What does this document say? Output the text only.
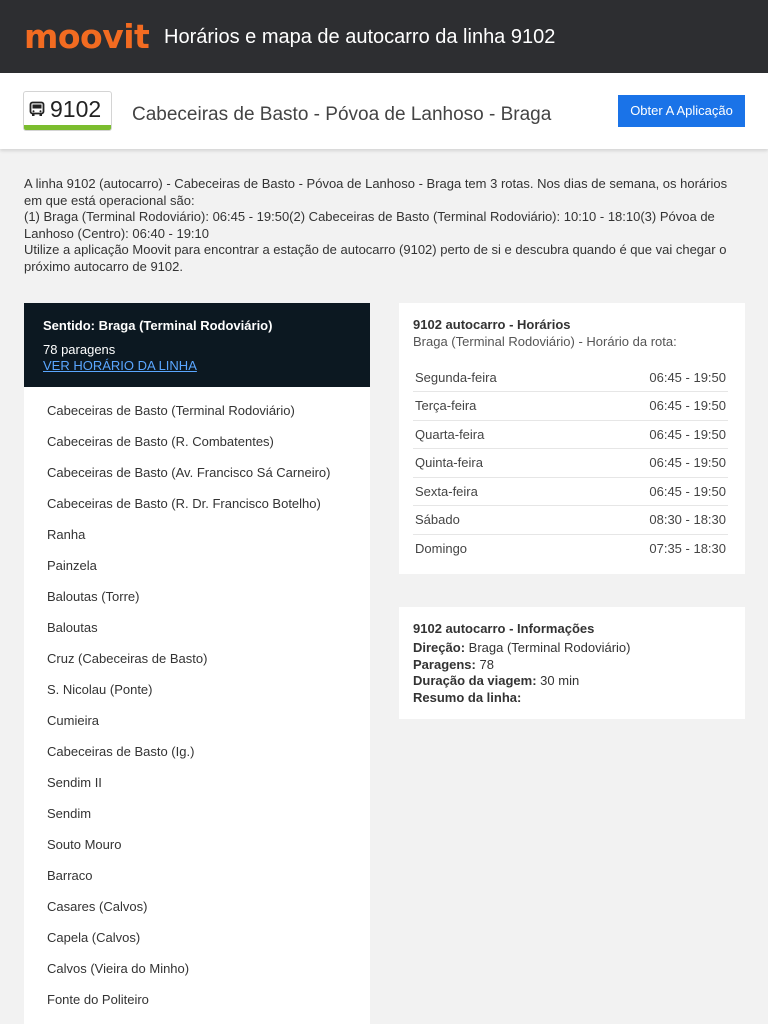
moovit Horários e mapa de autocarro da linha 9102
9102 Cabeceiras de Basto - Póvoa de Lanhoso - Braga	Obter A Aplicação

A linha 9102 (autocarro) - Cabeceiras de Basto - Póvoa de Lanhoso - Braga tem 3 rotas. Nos dias de semana, os horários em que está operacional são:

(1) Braga (Terminal Rodoviário): 06:45 - 19:50(2) Cabeceiras de Basto (Terminal Rodoviário): 10:10 - 18:10(3) Póvoa de Lanhoso (Centro): 06:40 - 19:10

Utilize a aplicação Moovit para encontrar a estação de autocarro (9102) perto de si e descubra quando é que vai chegar o próximo autocarro de 9102.

Sentido: Braga (Terminal Rodoviário)
78 paragens
VER HORÁRIO DA LINHA
Cabeceiras de Basto (Terminal Rodoviário)
Cabeceiras de Basto (R. Combatentes)
Cabeceiras de Basto (Av. Francisco Sá Carneiro)
Cabeceiras de Basto (R. Dr. Francisco Botelho)
Ranha
Painzela
Baloutas (Torre)
Baloutas
Cruz (Cabeceiras de Basto)
S. Nicolau (Ponte)
Cumieira
Cabeceiras de Basto (Ig.)
Sendim II
Sendim
Souto Mouro
Barraco
Casares (Calvos)
Capela (Calvos)
Calvos (Vieira do Minho)
Fonte do Politeiro
9102 autocarro - Horários
Braga (Terminal Rodoviário) - Horário da rota:
Segunda-feira	06:45 - 19:50
Terça-feira	06:45 - 19:50
Quarta-feira	06:45 - 19:50
Quinta-feira	06:45 - 19:50
Sexta-feira	06:45 - 19:50
Sábado	08:30 - 18:30
Domingo	07:35 - 18:30
9102 autocarro - Informações
Direção: Braga (Terminal Rodoviário)
Paragens: 78
Duração da viagem: 30 min
Resumo da linha:
